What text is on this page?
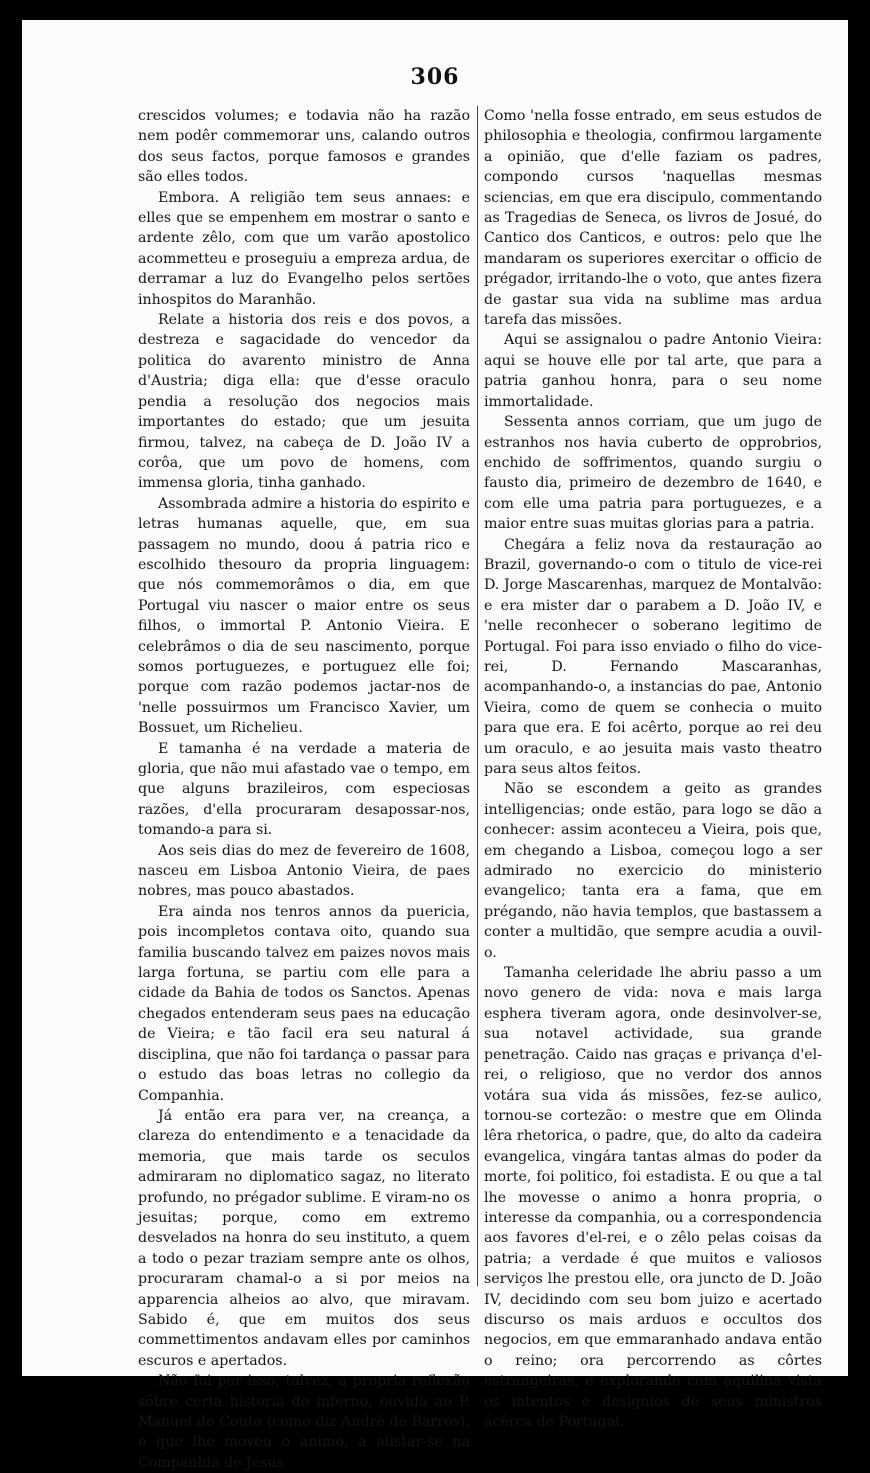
306

crescidos volumes; e todavia não ha razão nem podêr commemorar uns, calando outros dos seus factos, porque famosos e grandes são elles todos.

Embora. A religião tem seus annaes: e elles que se empenhem em mostrar o santo e ardente zêlo, com que um varão apostolico acommetteu e proseguiu a empreza ardua, de derramar a luz do Evangelho pelos sertões inhospitos do Maranhão.

Relate a historia dos reis e dos povos, a destreza e sagacidade do vencedor da politica do avarento ministro de Anna d'Austria; diga ella: que d'esse oraculo pendia a resolução dos negocios mais importantes do estado; que um jesuita firmou, talvez, na cabeça de D. João IV a corôa, que um povo de homens, com immensa gloria, tinha ganhado.

Assombrada admire a historia do espirito e letras humanas aquelle, que, em sua passagem no mundo, doou á patria rico e escolhido thesouro da propria linguagem: que nós commemorâmos o dia, em que Portugal viu nascer o maior entre os seus filhos, o immortal P. Antonio Vieira. E celebrâmos o dia de seu nascimento, porque somos portuguezes, e portuguez elle foi; porque com razão podemos jactar-nos de 'nelle possuirmos um Francisco Xavier, um Bossuet, um Richelieu.

E tamanha é na verdade a materia de gloria, que não mui afastado vae o tempo, em que alguns brazileiros, com especiosas razões, d'ella procuraram desapossar-nos, tomando-a para si.

Aos seis dias do mez de fevereiro de 1608, nasceu em Lisboa Antonio Vieira, de paes nobres, mas pouco abastados.

Era ainda nos tenros annos da puericia, pois incompletos contava oito, quando sua familia buscando talvez em paizes novos mais larga fortuna, se partiu com elle para a cidade da Bahia de todos os Sanctos. Apenas chegados entenderam seus paes na educação de Vieira; e tão facil era seu natural á disciplina, que não foi tardança o passar para o estudo das boas letras no collegio da Companhia.

Já então era para ver, na creança, a clareza do entendimento e a tenacidade da memoria, que mais tarde os seculos admiraram no diplomatico sagaz, no literato profundo, no prégador sublime. E viram-no os jesuitas; porque, como em extremo desvelados na honra do seu instituto, a quem a todo o pezar traziam sempre ante os olhos, procuraram chamal-o a si por meios na apparencia alheios ao alvo, que miravam. Sabido é, que em muitos dos seus commettimentos andavam elles por caminhos escuros e apertados.

Não foi por isso, talvez, a propria reflexão sôbre certa historia do inferno, ouvida ao P. Manuel do Couto (como diz André de Barros), o que lhe moveu o animo, a alistar-se na Companhia de Jesus.

Como 'nella fosse entrado, em seus estudos de philosophia e theologia, confirmou largamente a opinião, que d'elle faziam os padres, compondo cursos 'naquellas mesmas sciencias, em que era discipulo, commentando as Tragedias de Seneca, os livros de Josué, do Cantico dos Canticos, e outros: pelo que lhe mandaram os superiores exercitar o officio de prégador, irritando-lhe o voto, que antes fizera de gastar sua vida na sublime mas ardua tarefa das missões.

Aqui se assignalou o padre Antonio Vieira: aqui se houve elle por tal arte, que para a patria ganhou honra, para o seu nome immortalidade.

Sessenta annos corriam, que um jugo de estranhos nos havia cuberto de opprobrios, enchido de soffrimentos, quando surgiu o fausto dia, primeiro de dezembro de 1640, e com elle uma patria para portuguezes, e a maior entre suas muitas glorias para a patria.

Chegára a feliz nova da restauração ao Brazil, governando-o com o titulo de vice-rei D. Jorge Mascarenhas, marquez de Montalvão: e era mister dar o parabem a D. João IV, e 'nelle reconhecer o soberano legitimo de Portugal. Foi para isso enviado o filho do vice-rei, D. Fernando Mascaranhas, acompanhando-o, a instancias do pae, Antonio Vieira, como de quem se conhecia o muito para que era. E foi acêrto, porque ao rei deu um oraculo, e ao jesuita mais vasto theatro para seus altos feitos.

Não se escondem a geito as grandes intelligencias; onde estão, para logo se dão a conhecer: assim aconteceu a Vieira, pois que, em chegando a Lisboa, começou logo a ser admirado no exercicio do ministerio evangelico; tanta era a fama, que em prégando, não havia templos, que bastassem a conter a multidão, que sempre acudia a ouvil-o.

Tamanha celeridade lhe abriu passo a um novo genero de vida: nova e mais larga esphera tiveram agora, onde desinvolver-se, sua notavel actividade, sua grande penetração. Caido nas graças e privança d'el-rei, o religioso, que no verdor dos annos votára sua vida ás missões, fez-se aulico, tornou-se cortezão: o mestre que em Olinda lêra rhetorica, o padre, que, do alto da cadeira evangelica, vingára tantas almas do poder da morte, foi politico, foi estadista. E ou que a tal lhe movesse o animo a honra propria, o interesse da companhia, ou a correspondencia aos favores d'el-rei, e o zêlo pelas coisas da patria; a verdade é que muitos e valiosos serviços lhe prestou elle, ora juncto de D. João IV, decidindo com seu bom juizo e acertado discurso os mais arduos e occultos dos negocios, em que emmaranhado andava então o reino; ora percorrendo as côrtes estrangeiras, e explorando com aquilina vista os intentos e designios de seus ministros ácêrca de Portugal.
